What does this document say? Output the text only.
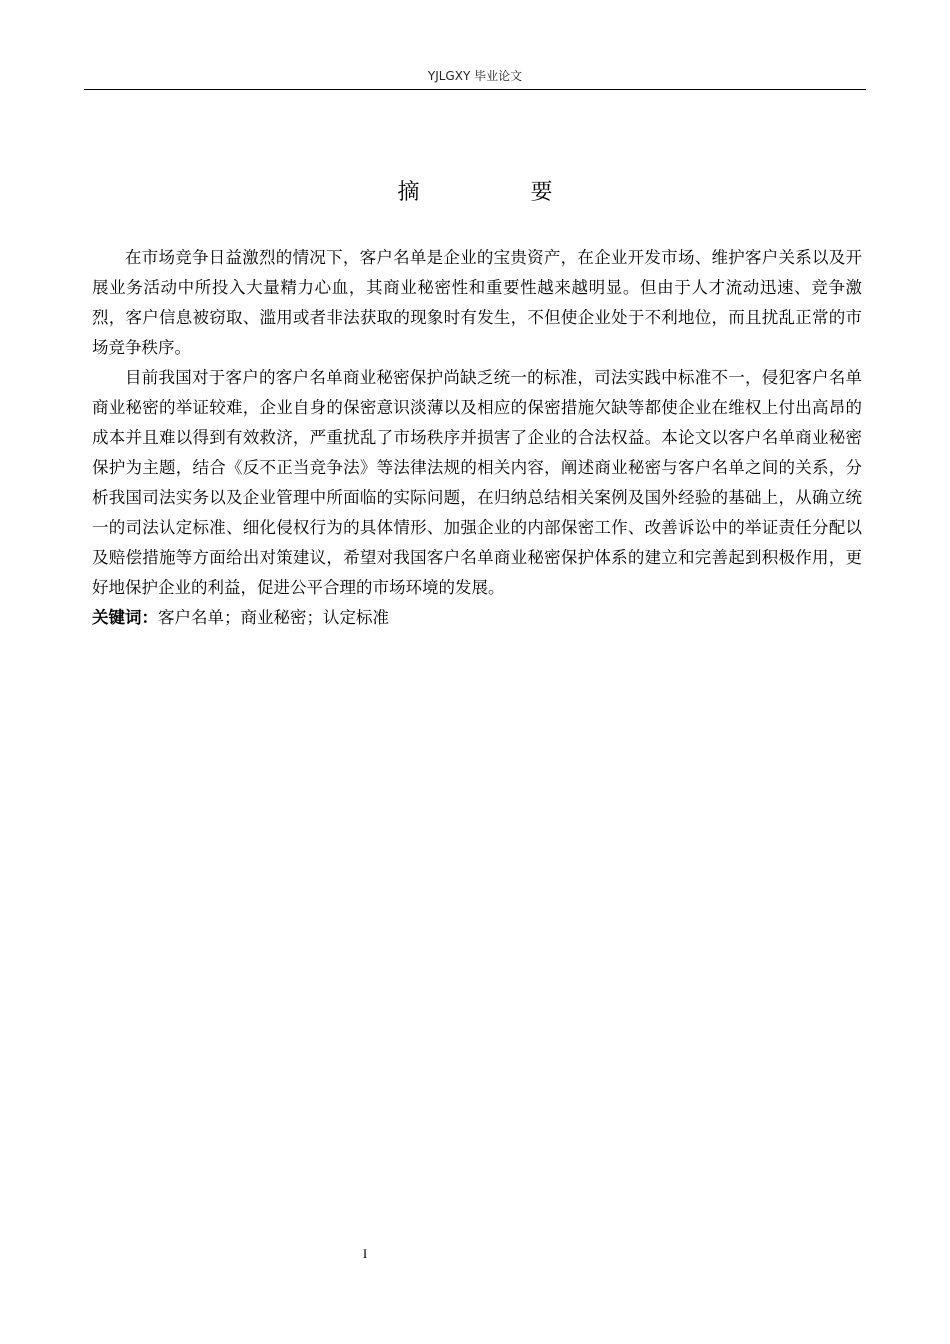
YJLGXY 毕业论文
摘 要

在市场竞争日益激烈的情况下，客户名单是企业的宝贵资产，在企业开发市场、维护客户关系以及开展业务活动中所投入大量精力心血，其商业秘密性和重要性越来越明显。但由于人才流动迅速、竞争激烈，客户信息被窃取、滥用或者非法获取的现象时有发生，不但使企业处于不利地位，而且扰乱正常的市场竞争秩序。

目前我国对于客户的客户名单商业秘密保护尚缺乏统一的标准，司法实践中标准不一，侵犯客户名单商业秘密的举证较难，企业自身的保密意识淡薄以及相应的保密措施欠缺等都使企业在维权上付出高昂的成本并且难以得到有效救济，严重扰乱了市场秩序并损害了企业的合法权益。本论文以客户名单商业秘密保护为主题，结合《反不正当竞争法》等法律法规的相关内容，阐述商业秘密与客户名单之间的关系，分析我国司法实务以及企业管理中所面临的实际问题，在归纳总结相关案例及国外经验的基础上，从确立统一的司法认定标准、细化侵权行为的具体情形、加强企业的内部保密工作、改善诉讼中的举证责任分配以及赔偿措施等方面给出对策建议，希望对我国客户名单商业秘密保护体系的建立和完善起到积极作用，更好地保护企业的利益，促进公平合理的市场环境的发展。

关键词：客户名单；商业秘密；认定标准

I
